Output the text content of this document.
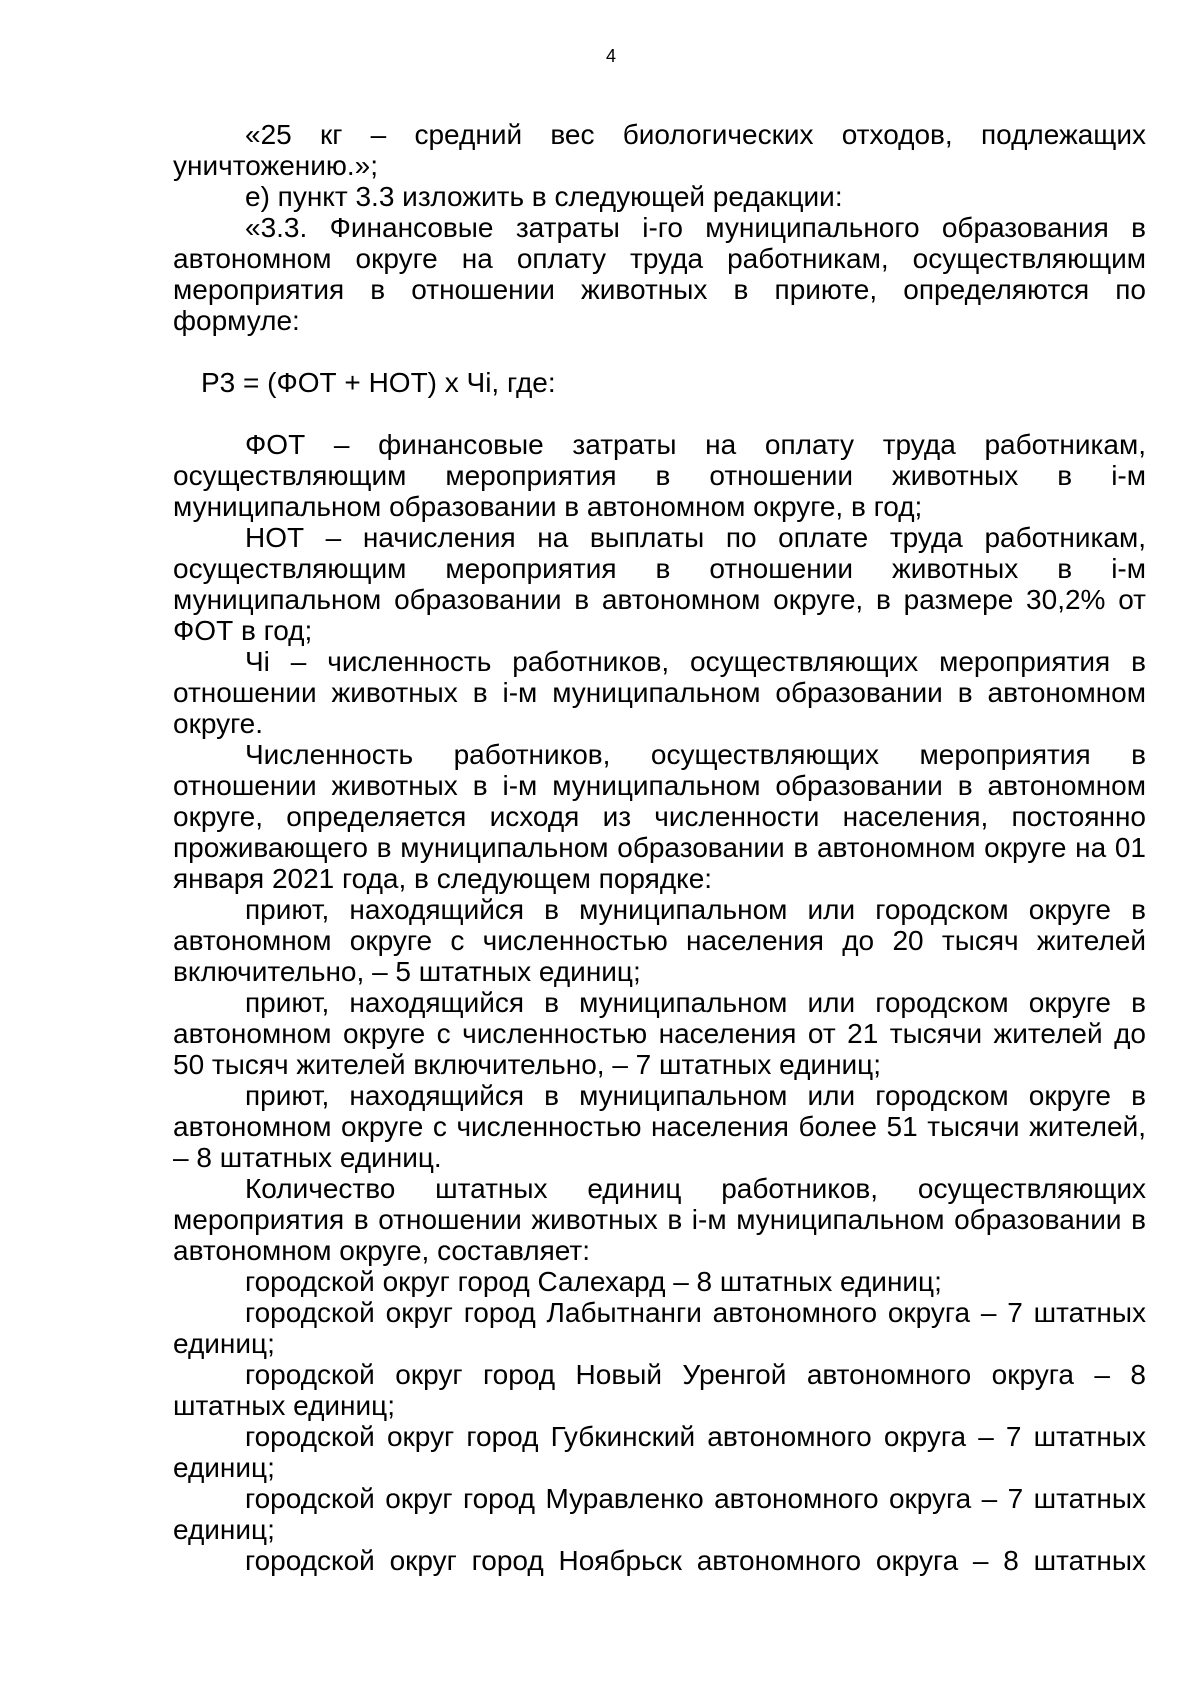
4

«25 кг – средний вес биологических отходов, подлежащих уничтожению.»;

е) пункт 3.3 изложить в следующей редакции:

«3.3. Финансовые затраты i-го муниципального образования в автономном округе на оплату труда работникам, осуществляющим мероприятия в отношении животных в приюте, определяются по формуле:

Р3 = (ФОТ + НОТ) х Чi, где:

ФОТ – финансовые затраты на оплату труда работникам, осуществляющим мероприятия в отношении животных в i-м муниципальном образовании в автономном округе, в год;

НОТ – начисления на выплаты по оплате труда работникам, осуществляющим мероприятия в отношении животных в i-м муниципальном образовании в автономном округе, в размере 30,2% от ФОТ в год;

Чi – численность работников, осуществляющих мероприятия в отношении животных в i-м муниципальном образовании в автономном округе.

Численность работников, осуществляющих мероприятия в отношении животных в i-м муниципальном образовании в автономном округе, определяется исходя из численности населения, постоянно проживающего в муниципальном образовании в автономном округе на 01 января 2021 года, в следующем порядке:

приют, находящийся в муниципальном или городском округе в автономном округе с численностью населения до 20 тысяч жителей включительно, – 5 штатных единиц;

приют, находящийся в муниципальном или городском округе в автономном округе с численностью населения от 21 тысячи жителей до 50 тысяч жителей включительно, – 7 штатных единиц;

приют, находящийся в муниципальном или городском округе в автономном округе с численностью населения более 51 тысячи жителей, – 8 штатных единиц.

Количество штатных единиц работников, осуществляющих мероприятия в отношении животных в i-м муниципальном образовании в автономном округе, составляет:

городской округ город Салехард – 8 штатных единиц;

городской округ город Лабытнанги автономного округа – 7 штатных единиц;

городской округ город Новый Уренгой автономного округа – 8 штатных единиц;

городской округ город Губкинский автономного округа – 7 штатных единиц;

городской округ город Муравленко автономного округа – 7 штатных единиц;

городской округ город Ноябрьск автономного округа – 8 штатных
